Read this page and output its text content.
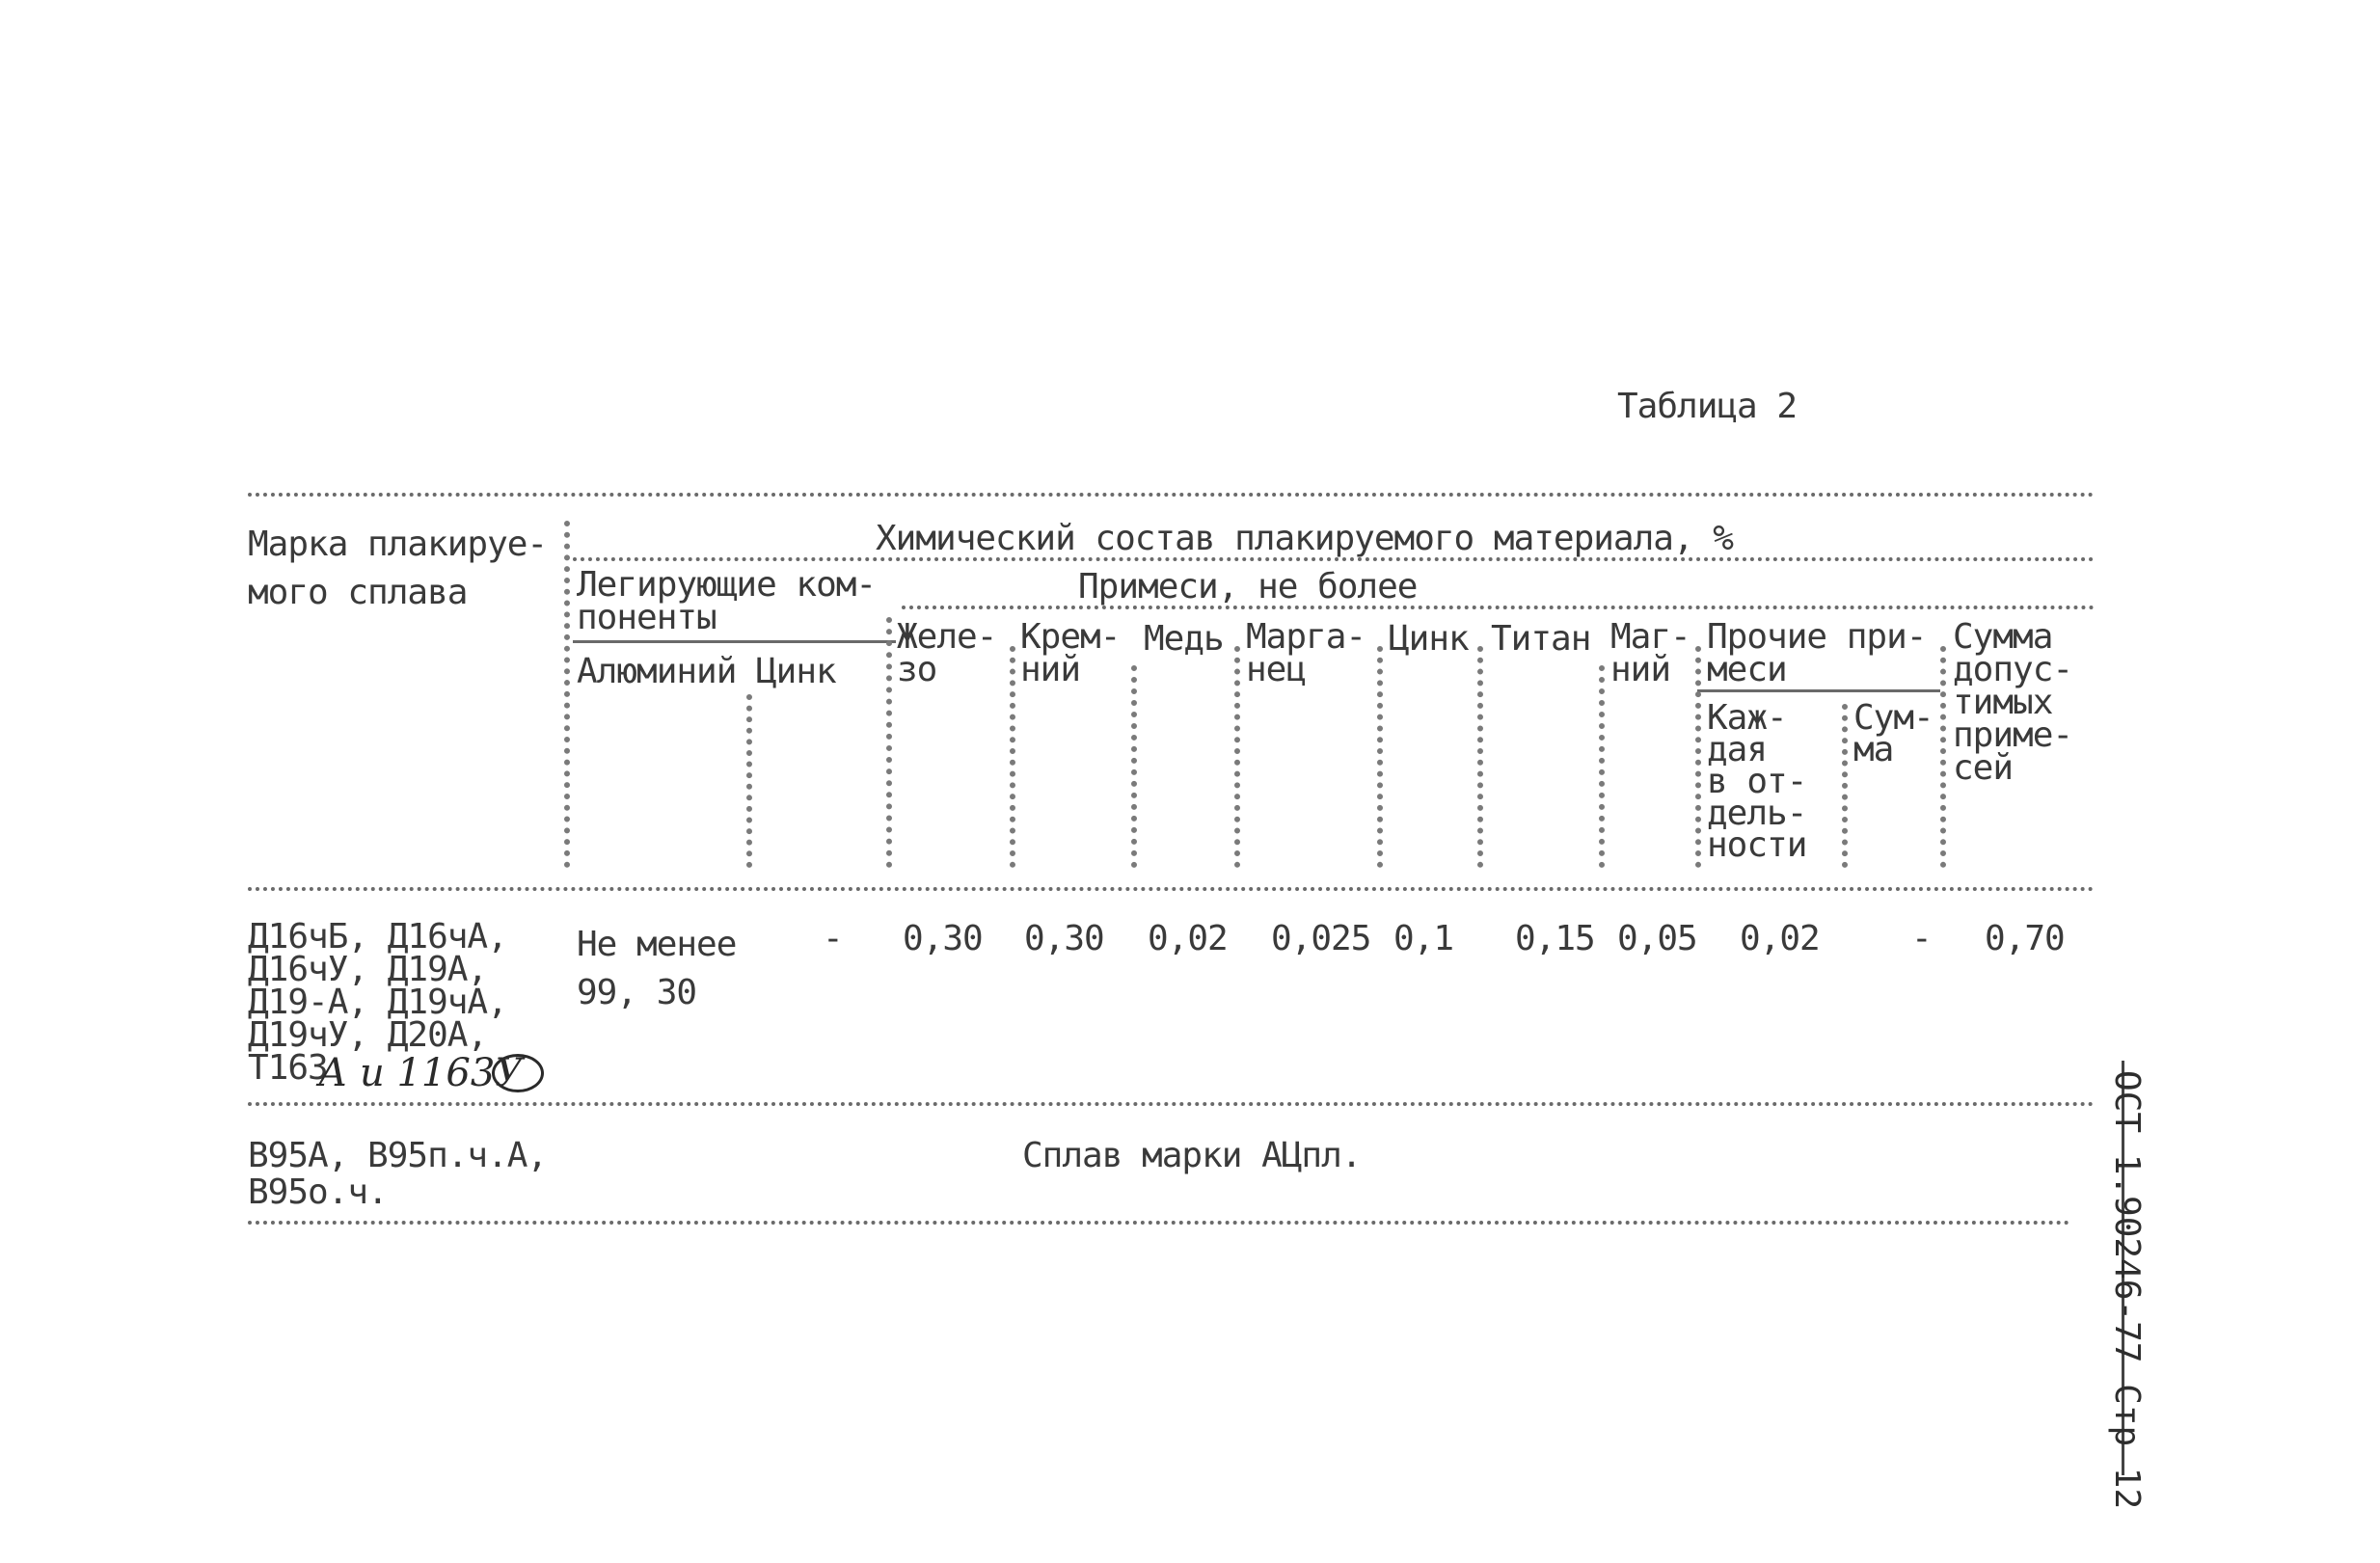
Таблица 2
Марка плакируе-
мого сплава
Химический состав плакируемого материала, %
Легирующие ком-
поненты
Примеси, не более
Алюминий Цинк
Желе-
зо
Крем-
ний
Медь Марга-
нец
Цинк Титан Маг-
ний
Прочие при-
меси
Каж-
дая
в от-
дель-
ности
Сум-
ма
Сумма
допус-
тимых
приме-
сей
Д16чБ, Д16чА,
Д16чУ, Д19А,
Д19-А, Д19чА,
Д19чУ, Д20А,
Т163
А и 1163У
Не менее
99, 30
- 0,30 0,30 0,02 0,025 0,1 0,15 0,05 0,02	- 0,70
В95А, В95п.ч.А,
В95о.ч.
Сплав марки АЦпл.	ОСТ 1.90246-77 Стр 12
